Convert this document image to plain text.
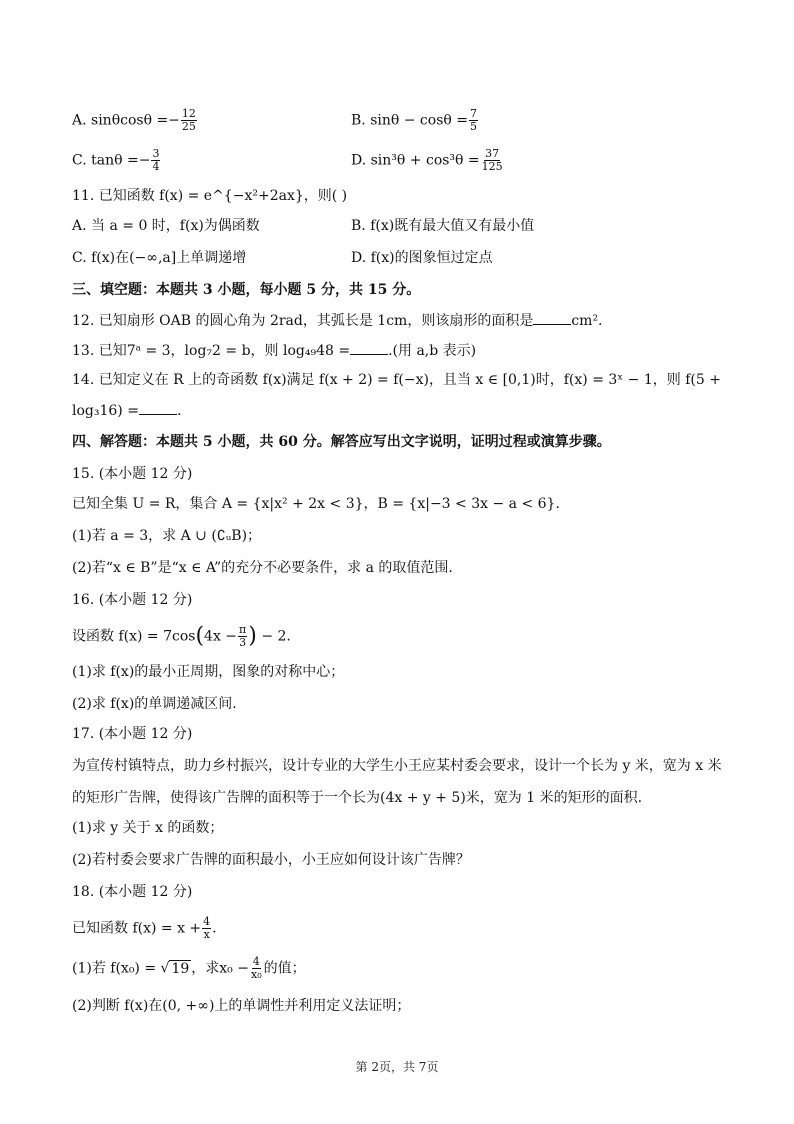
A. $\sin\theta\cos\theta =- \frac{12}{25}$	B. $\sin\theta - \cos\theta = \frac{7}{5}$
C. $\tan\theta =- \frac{3}{4}$	D. $\sin^3\theta + \cos^3\theta = \frac{37}{125}$
11. 已知函数 f(x) = e^{−x²+2ax}，则( )
A. 当 a = 0 时，f(x)为偶函数	B. f(x)既有最大值又有最小值
C. f(x)在(−∞,a]上单调递增	D. f(x)的图象恒过定点
三、填空题：本题共 3 小题，每小题 5 分，共 15 分。
12. 已知扇形 OAB 的圆心角为 2rad，其弧长是 1cm，则该扇形的面积是	cm².
13. 已知7ᵃ = 3，log₇2 = b，则 log₄₉48 =	.(用 a,b 表示)
14. 已知定义在 R 上的奇函数 f(x)满足 f(x + 2) = f(−x)，且当 x ∈ [0,1)时，f(x) = 3ˣ − 1，则 f(5 +
log₃16) =	.
四、解答题：本题共 5 小题，共 60 分。解答应写出文字说明，证明过程或演算步骤。
15. (本小题 12 分)
已知全集 U = R，集合 A = {x|x² + 2x < 3}，B = {x|−3 < 3x − a < 6}.
(1)若 a = 3，求 A ∪ (∁ᵤB)；
(2)若“x ∈ B”是“x ∈ A”的充分不必要条件，求 a 的取值范围.
16. (本小题 12 分)
设函数 $f(x) = 7\cos(4x - \frac{\pi}{3}$ ) − 2.
(1)求 f(x)的最小正周期，图象的对称中心；
(2)求 f(x)的单调递减区间.
17. (本小题 12 分)
为宣传村镇特点，助力乡村振兴，设计专业的大学生小王应某村委会要求，设计一个长为 y 米，宽为 x 米
的矩形广告牌，使得该广告牌的面积等于一个长为(4x + y + 5)米，宽为 1 米的矩形的面积.
(1)求 y 关于 x 的函数；
(2)若村委会要求广告牌的面积最小，小王应如何设计该广告牌？
18. (本小题 12 分)
已知函数 $f(x) = x + \frac{4}{x}$ .
(1)若 f(x₀) = √ 19 ，求$x_0 - \frac{4}{\text{x₀}}$ 的值；
(2)判断 f(x)在(0, +∞)上的单调性并利用定义法证明；
第 2页，共 7页
